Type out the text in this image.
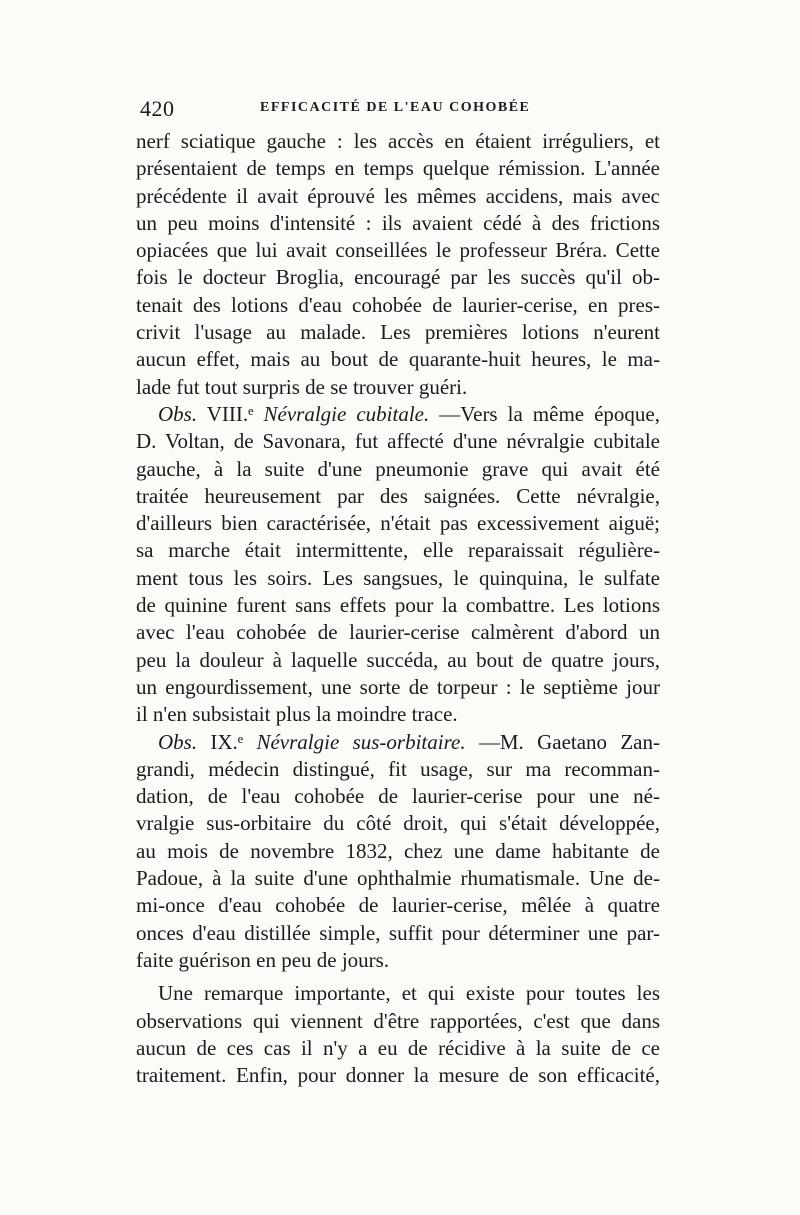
420	EFFICACITÉ DE L'EAU COHOBÉE
nerf sciatique gauche : les accès en étaient irréguliers, et
présentaient de temps en temps quelque rémission. L'année
précédente il avait éprouvé les mêmes accidens, mais avec
un peu moins d'intensité : ils avaient cédé à des frictions
opiacées que lui avait conseillées le professeur Bréra. Cette
fois le docteur Broglia, encouragé par les succès qu'il ob-
tenait des lotions d'eau cohobée de laurier-cerise, en pres-
crivit l'usage au malade. Les premières lotions n'eurent
aucun effet, mais au bout de quarante-huit heures, le ma-
lade fut tout surpris de se trouver guéri.
Obs. VIII.ᵉ Névralgie cubitale. —Vers la même époque,
D. Voltan, de Savonara, fut affecté d'une névralgie cubitale
gauche, à la suite d'une pneumonie grave qui avait été
traitée heureusement par des saignées. Cette névralgie,
d'ailleurs bien caractérisée, n'était pas excessivement aiguë;
sa marche était intermittente, elle reparaissait régulière-
ment tous les soirs. Les sangsues, le quinquina, le sulfate
de quinine furent sans effets pour la combattre. Les lotions
avec l'eau cohobée de laurier-cerise calmèrent d'abord un
peu la douleur à laquelle succéda, au bout de quatre jours,
un engourdissement, une sorte de torpeur : le septième jour
il n'en subsistait plus la moindre trace.
Obs. IX.ᵉ Névralgie sus-orbitaire. —M. Gaetano Zan-
grandi, médecin distingué, fit usage, sur ma recomman-
dation, de l'eau cohobée de laurier-cerise pour une né-
vralgie sus-orbitaire du côté droit, qui s'était développée,
au mois de novembre 1832, chez une dame habitante de
Padoue, à la suite d'une ophthalmie rhumatismale. Une de-
mi-once d'eau cohobée de laurier-cerise, mêlée à quatre
onces d'eau distillée simple, suffit pour déterminer une par-
faite guérison en peu de jours.
Une remarque importante, et qui existe pour toutes les
observations qui viennent d'être rapportées, c'est que dans
aucun de ces cas il n'y a eu de récidive à la suite de ce
traitement. Enfin, pour donner la mesure de son efficacité,
